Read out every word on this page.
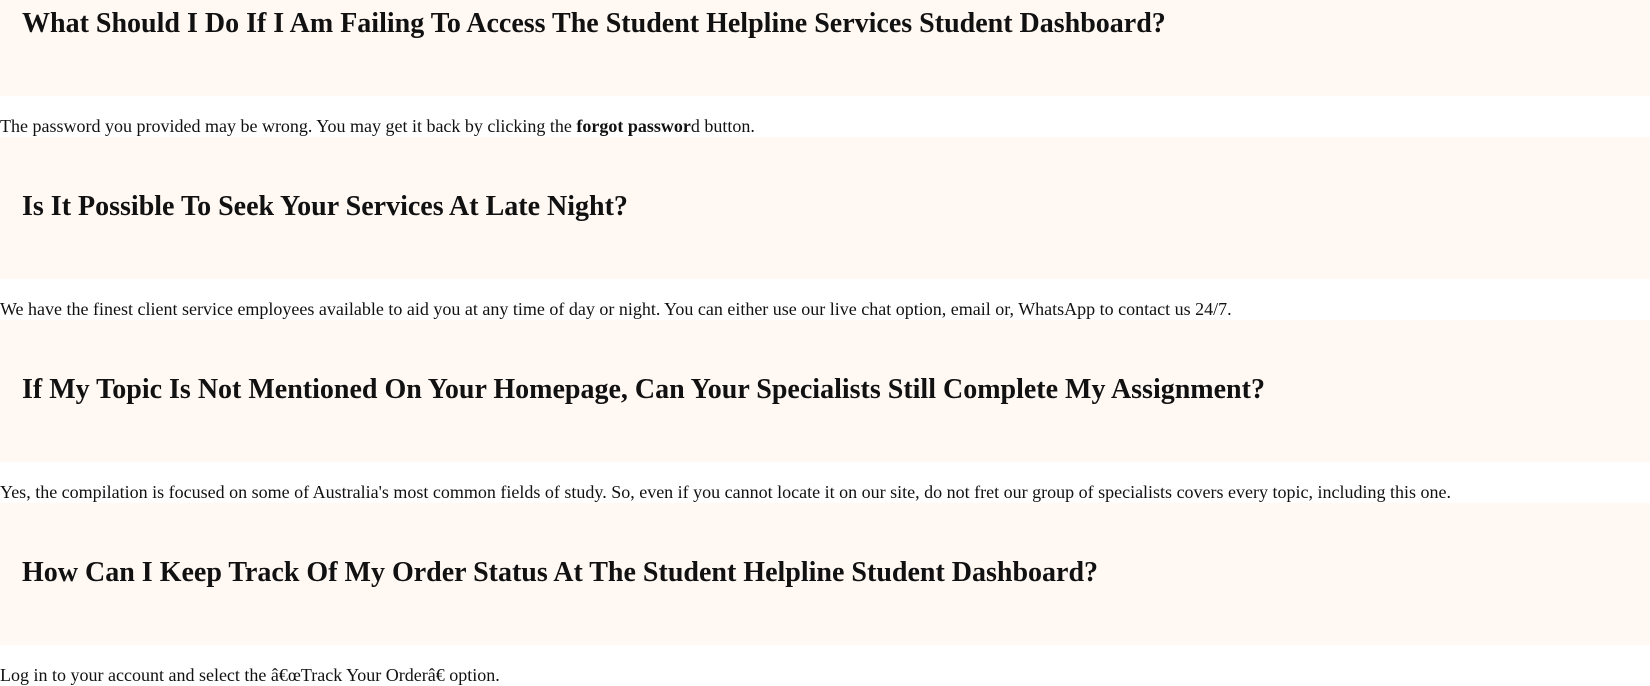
What Should I Do If I Am Failing To Access The Student Helpline Services Student Dashboard?

The password you provided may be wrong. You may get it back by clicking the forgot password button.

Is It Possible To Seek Your Services At Late Night?

We have the finest client service employees available to aid you at any time of day or night. You can either use our live chat option, email or, WhatsApp to contact us 24/7.

If My Topic Is Not Mentioned On Your Homepage, Can Your Specialists Still Complete My Assignment?

Yes, the compilation is focused on some of Australia's most common fields of study. So, even if you cannot locate it on our site, do not fret our group of specialists covers every topic, including this one.

How Can I Keep Track Of My Order Status At The Student Helpline Student Dashboard?

Log in to your account and select the â€œTrack Your Orderâ€ option.
